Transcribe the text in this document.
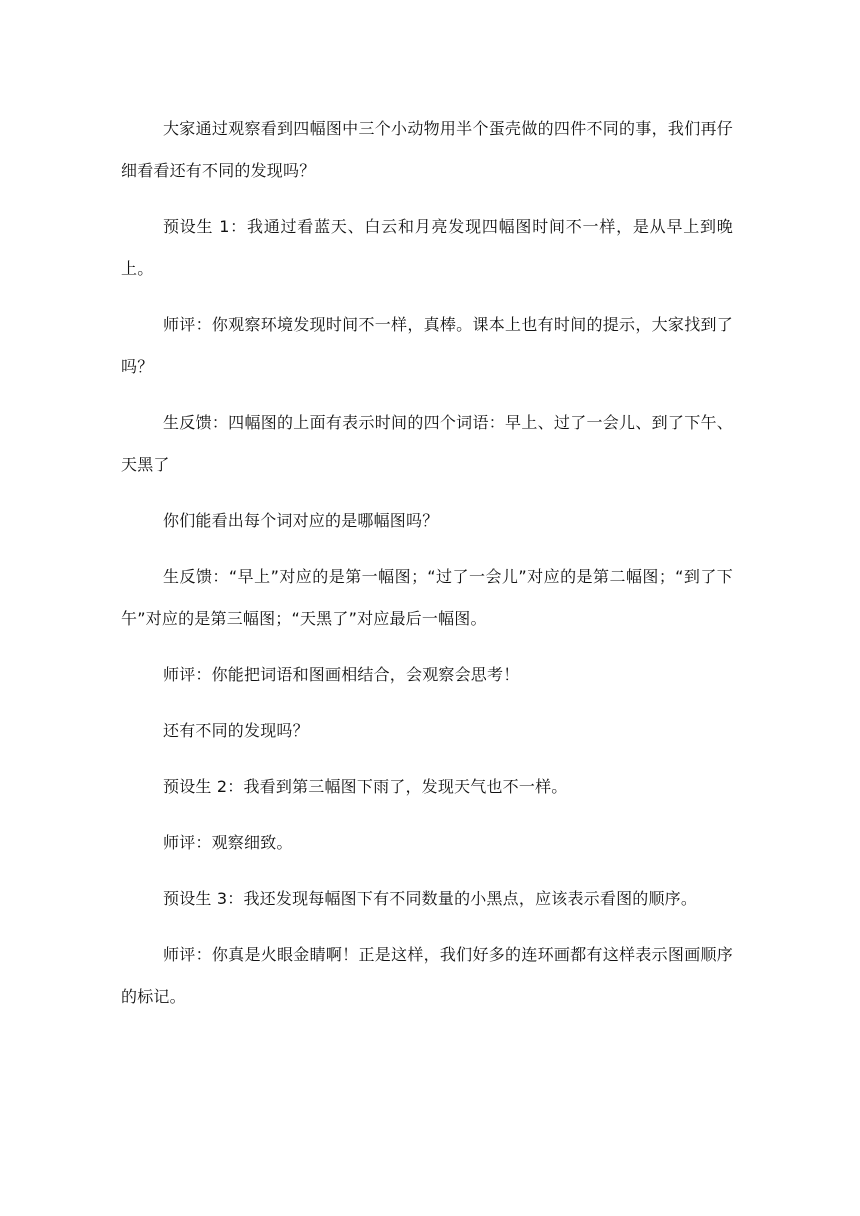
大家通过观察看到四幅图中三个小动物用半个蛋壳做的四件不同的事，我们再仔细看看还有不同的发现吗？

预设生 1：我通过看蓝天、白云和月亮发现四幅图时间不一样，是从早上到晚上。

师评：你观察环境发现时间不一样，真棒。课本上也有时间的提示，大家找到了吗？

生反馈：四幅图的上面有表示时间的四个词语：早上、过了一会儿、到了下午、天黑了

你们能看出每个词对应的是哪幅图吗？

生反馈：“早上”对应的是第一幅图；“过了一会儿”对应的是第二幅图；“到了下午”对应的是第三幅图；“天黑了”对应最后一幅图。

师评：你能把词语和图画相结合，会观察会思考！

还有不同的发现吗？

预设生 2：我看到第三幅图下雨了，发现天气也不一样。

师评：观察细致。

预设生 3：我还发现每幅图下有不同数量的小黑点，应该表示看图的顺序。

师评：你真是火眼金睛啊！正是这样，我们好多的连环画都有这样表示图画顺序的标记。
